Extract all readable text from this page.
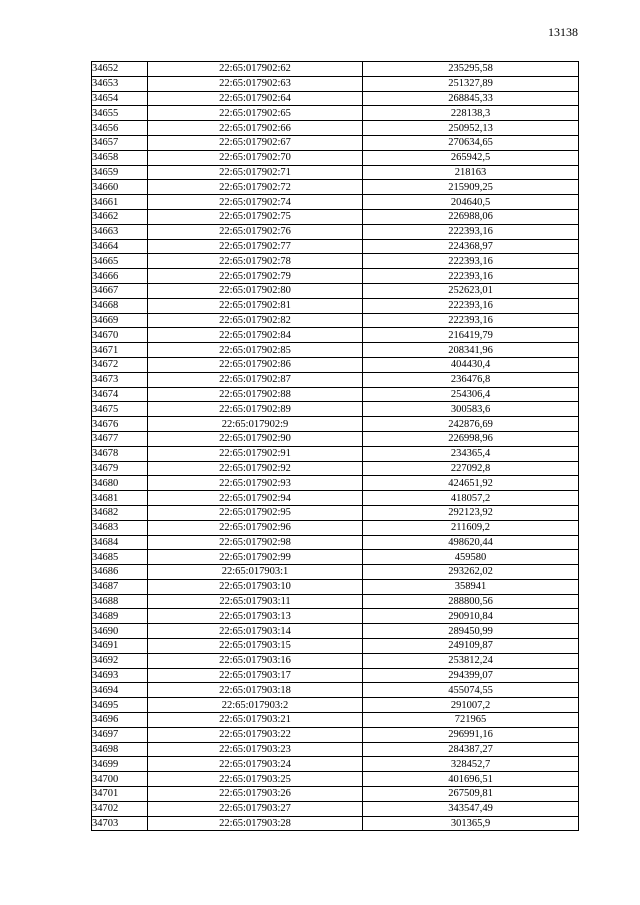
13138
34652	22:65:017902:62	235295,58
34653	22:65:017902:63	251327,89
34654	22:65:017902:64	268845,33
34655	22:65:017902:65	228138,3
34656	22:65:017902:66	250952,13
34657	22:65:017902:67	270634,65
34658	22:65:017902:70	265942,5
34659	22:65:017902:71	218163
34660	22:65:017902:72	215909,25
34661	22:65:017902:74	204640,5
34662	22:65:017902:75	226988,06
34663	22:65:017902:76	222393,16
34664	22:65:017902:77	224368,97
34665	22:65:017902:78	222393,16
34666	22:65:017902:79	222393,16
34667	22:65:017902:80	252623,01
34668	22:65:017902:81	222393,16
34669	22:65:017902:82	222393,16
34670	22:65:017902:84	216419,79
34671	22:65:017902:85	208341,96
34672	22:65:017902:86	404430,4
34673	22:65:017902:87	236476,8
34674	22:65:017902:88	254306,4
34675	22:65:017902:89	300583,6
34676	22:65:017902:9	242876,69
34677	22:65:017902:90	226998,96
34678	22:65:017902:91	234365,4
34679	22:65:017902:92	227092,8
34680	22:65:017902:93	424651,92
34681	22:65:017902:94	418057,2
34682	22:65:017902:95	292123,92
34683	22:65:017902:96	211609,2
34684	22:65:017902:98	498620,44
34685	22:65:017902:99	459580
34686	22:65:017903:1	293262,02
34687	22:65:017903:10	358941
34688	22:65:017903:11	288800,56
34689	22:65:017903:13	290910,84
34690	22:65:017903:14	289450,99
34691	22:65:017903:15	249109,87
34692	22:65:017903:16	253812,24
34693	22:65:017903:17	294399,07
34694	22:65:017903:18	455074,55
34695	22:65:017903:2	291007,2
34696	22:65:017903:21	721965
34697	22:65:017903:22	296991,16
34698	22:65:017903:23	284387,27
34699	22:65:017903:24	328452,7
34700	22:65:017903:25	401696,51
34701	22:65:017903:26	267509,81
34702	22:65:017903:27	343547,49
34703	22:65:017903:28	301365,9
